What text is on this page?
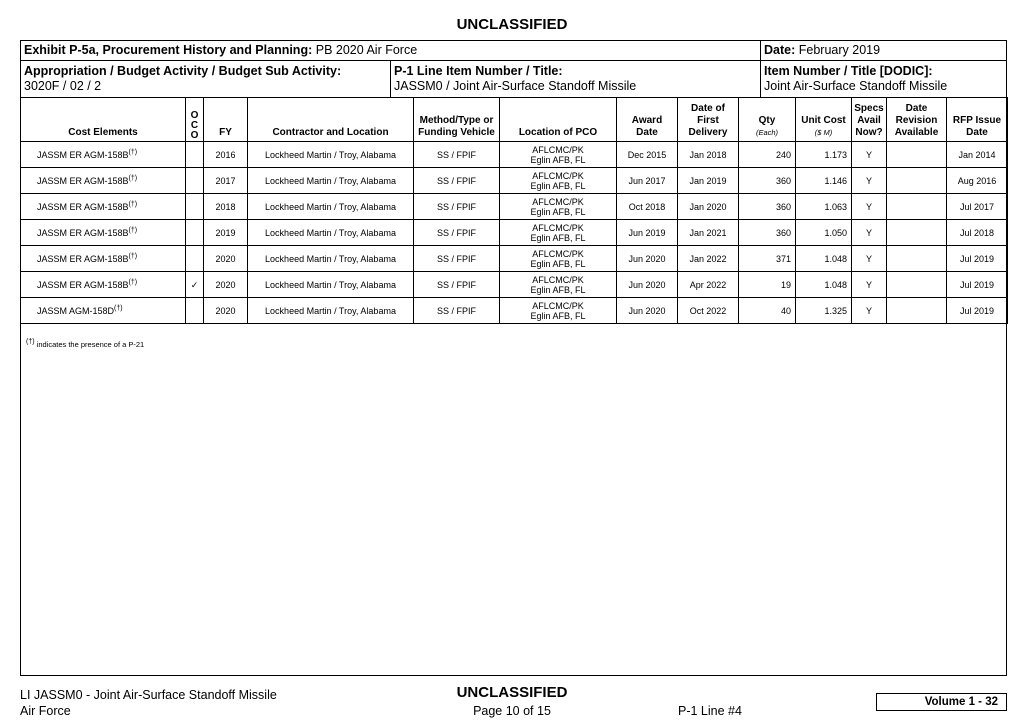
UNCLASSIFIED
Exhibit P-5a, Procurement History and Planning: PB 2020 Air Force	Date: February 2019
Appropriation / Budget Activity / Budget Sub Activity:
3020F / 02 / 2
P-1 Line Item Number / Title:
JASSM0 / Joint Air-Surface Standoff Missile
Item Number / Title [DODIC]:
Joint Air-Surface Standoff Missile
Cost Elements	O C O	FY	Contractor and Location	Method/Type or Funding Vehicle	Location of PCO	Award Date	Date of First Delivery	Qty
(Each)	Unit Cost
($ M)	Specs Avail Now?	Date Revision Available	RFP Issue Date
JASSM ER AGM-158B(†)		2016	Lockheed Martin / Troy, Alabama	SS / FPIF	AFLCMC/PK
Eglin AFB, FL	Dec 2015	Jan 2018	240	1.173	Y		Jan 2014
JASSM ER AGM-158B(†)		2017	Lockheed Martin / Troy, Alabama	SS / FPIF	AFLCMC/PK
Eglin AFB, FL	Jun 2017	Jan 2019	360	1.146	Y		Aug 2016
JASSM ER AGM-158B(†)		2018	Lockheed Martin / Troy, Alabama	SS / FPIF	AFLCMC/PK
Eglin AFB, FL	Oct 2018	Jan 2020	360	1.063	Y		Jul 2017
JASSM ER AGM-158B(†)		2019	Lockheed Martin / Troy, Alabama	SS / FPIF	AFLCMC/PK
Eglin AFB, FL	Jun 2019	Jan 2021	360	1.050	Y		Jul 2018
JASSM ER AGM-158B(†)		2020	Lockheed Martin / Troy, Alabama	SS / FPIF	AFLCMC/PK
Eglin AFB, FL	Jun 2020	Jan 2022	371	1.048	Y		Jul 2019
JASSM ER AGM-158B(†)	✓	2020	Lockheed Martin / Troy, Alabama	SS / FPIF	AFLCMC/PK
Eglin AFB, FL	Jun 2020	Apr 2022	19	1.048	Y		Jul 2019
JASSM AGM-158D(†)		2020	Lockheed Martin / Troy, Alabama	SS / FPIF	AFLCMC/PK
Eglin AFB, FL	Jun 2020	Oct 2022	40	1.325	Y		Jul 2019
(†) indicates the presence of a P-21
LI JASSM0 - Joint Air-Surface Standoff Missile
Air Force
UNCLASSIFIED
Page 10 of 15	P-1 Line #4
Volume 1 - 32
